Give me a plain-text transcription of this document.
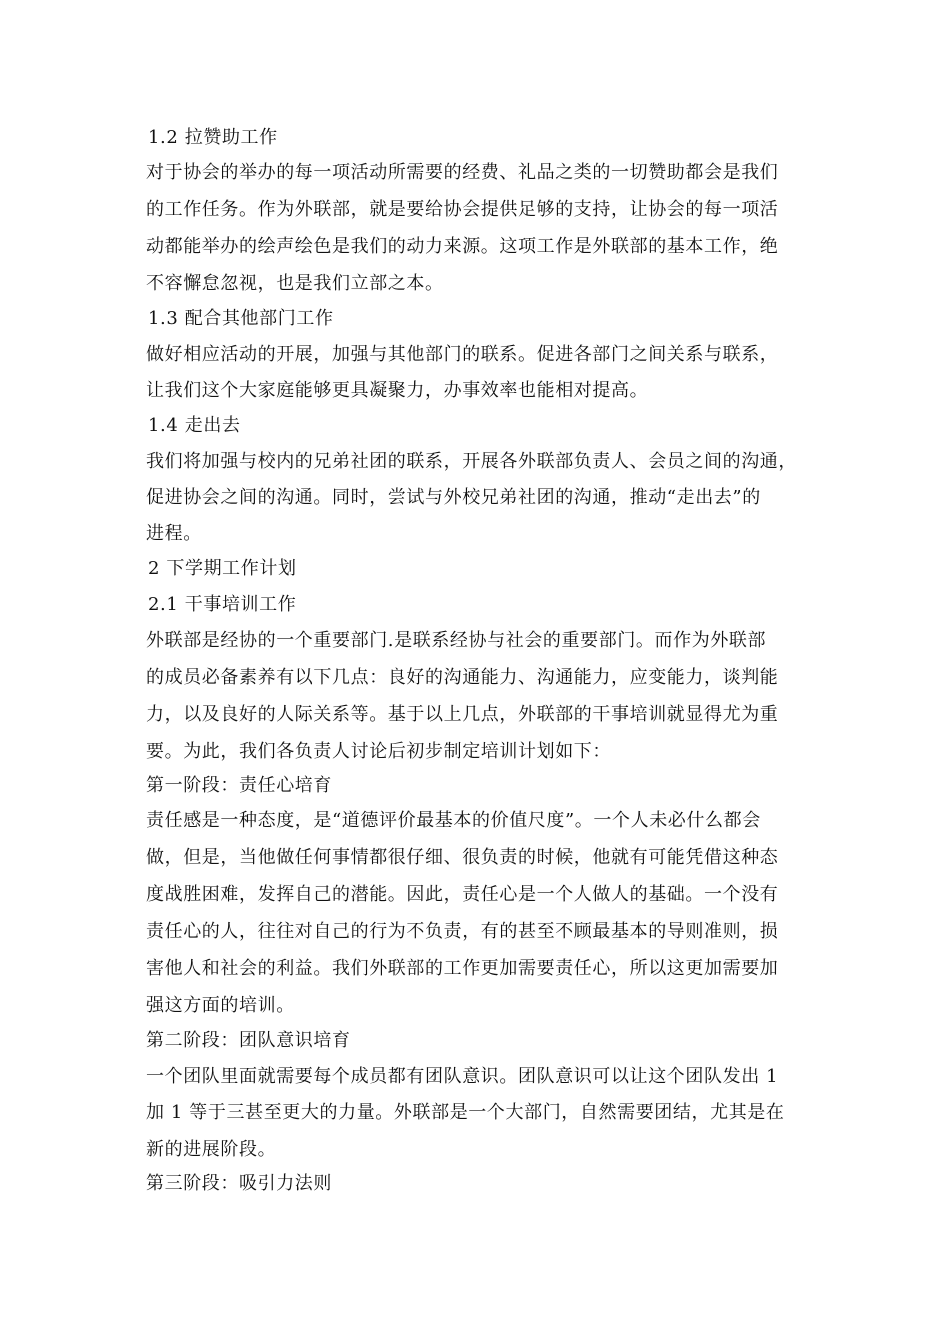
1.2 拉赞助工作
对于协会的举办的每一项活动所需要的经费、礼品之类的一切赞助都会是我们
的工作任务。作为外联部，就是要给协会提供足够的支持，让协会的每一项活
动都能举办的绘声绘色是我们的动力来源。这项工作是外联部的基本工作，绝
不容懈怠忽视，也是我们立部之本。
1.3 配合其他部门工作
做好相应活动的开展，加强与其他部门的联系。促进各部门之间关系与联系，
让我们这个大家庭能够更具凝聚力，办事效率也能相对提高。
1.4 走出去
我们将加强与校内的兄弟社团的联系，开展各外联部负责人、会员之间的沟通，
促进协会之间的沟通。同时，尝试与外校兄弟社团的沟通，推动“走出去”的
进程。
2 下学期工作计划
2.1 干事培训工作
外联部是经协的一个重要部门.是联系经协与社会的重要部门。而作为外联部
的成员必备素养有以下几点：良好的沟通能力、沟通能力，应变能力，谈判能
力，以及良好的人际关系等。基于以上几点，外联部的干事培训就显得尤为重
要。为此，我们各负责人讨论后初步制定培训计划如下：
第一阶段：责任心培育
责任感是一种态度，是“道德评价最基本的价值尺度”。一个人未必什么都会
做，但是，当他做任何事情都很仔细、很负责的时候，他就有可能凭借这种态
度战胜困难，发挥自己的潜能。因此，责任心是一个人做人的基础。一个没有
责任心的人，往往对自己的行为不负责，有的甚至不顾最基本的导则准则，损
害他人和社会的利益。我们外联部的工作更加需要责任心，所以这更加需要加
强这方面的培训。
第二阶段：团队意识培育
一个团队里面就需要每个成员都有团队意识。团队意识可以让这个团队发出 1
加 1 等于三甚至更大的力量。外联部是一个大部门，自然需要团结，尤其是在
新的进展阶段。
第三阶段：吸引力法则
